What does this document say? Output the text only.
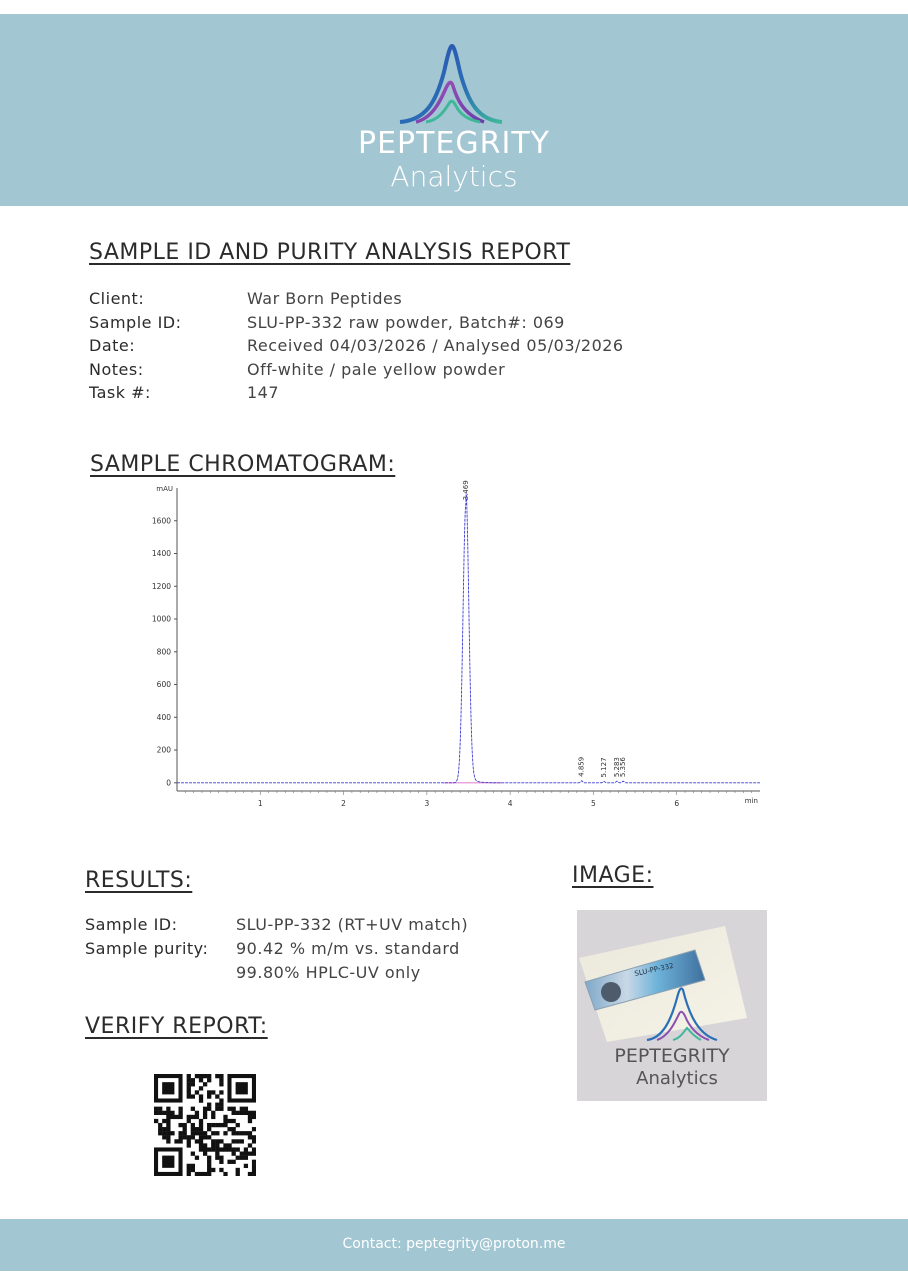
PEPTEGRITY
Analytics
SAMPLE ID AND PURITY ANALYSIS REPORT
Client:	War Born Peptides
Sample ID:	SLU-PP-332 raw powder, Batch#: 069
Date:	Received 04/03/2026 / Analysed 05/03/2026
Notes:	Off-white / pale yellow powder
Task #:	147
SAMPLE CHROMATOGRAM:
mAU
min
0
200
400
600
800
1000
1200
1400
1600
1	2	3	4	5	6
3.469
4.859 5.127 5.283
5.356
RESULTS:
Sample ID:	SLU-PP-332 (RT+UV match)
Sample purity: 90.42 % m/m vs. standard
99.80% HPLC-UV only
IMAGE:
SLU-PP-332
PEPTEGRITY
Analytics
VERIFY REPORT:
Contact: peptegrity@proton.me
